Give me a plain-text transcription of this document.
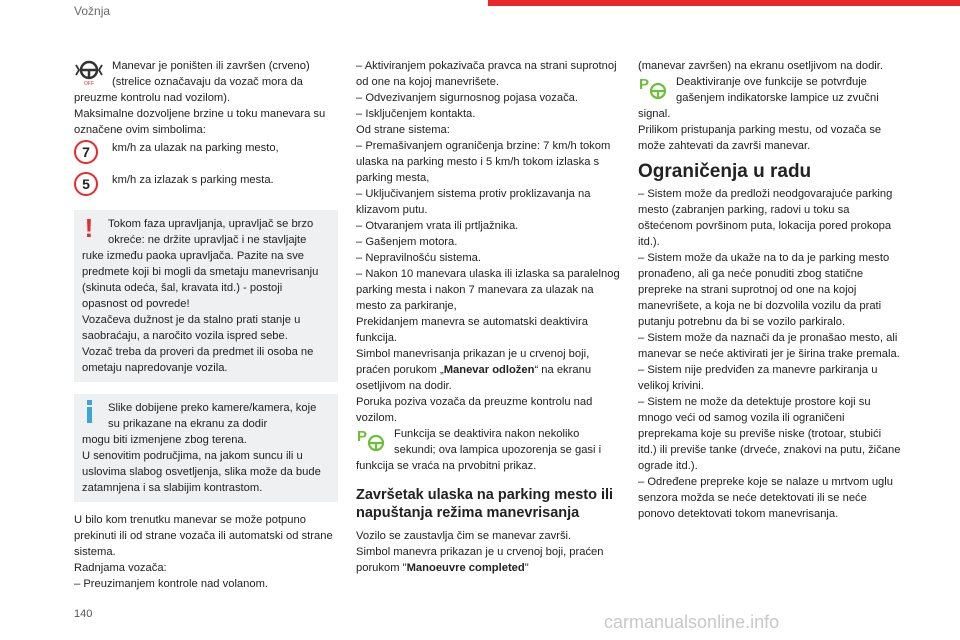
Vožnja
OFF
Manevar je poništen ili završen (crveno) (strelice označavaju da vozač mora da

preuzme kontrolu nad vozilom).
Maksimalne dozvoljene brzine u toku manevara su označene ovim simbolima:

7	km/h za ulazak na parking mesto,
5	km/h za izlazak s parking mesta.
!	Tokom faza upravljanja, upravljač se brzo okreće: ne držite upravljač i ne stavljajte

ruke između paoka upravljača. Pazite na sve predmete koji bi mogli da smetaju manevrisanju (skinuta odeća, šal, kravata itd.) - postoji opasnost od povrede!
Vozačeva dužnost je da stalno prati stanje u saobraćaju, a naročito vozila ispred sebe.
Vozač treba da proveri da predmet ili osoba ne ometaju napredovanje vozila.

Slike dobijene preko kamere/kamera, koje su prikazane na ekranu za dodir

mogu biti izmenjene zbog terena.
U senovitim područjima, na jakom suncu ili u uslovima slabog osvetljenja, slika može da bude zatamnjena i sa slabijim kontrastom.

U bilo kom trenutku manevar se može potpuno prekinuti ili od strane vozača ili automatski od strane sistema.
Radnjama vozača:
– Preuzimanjem kontrole nad volanom.

– Aktiviranjem pokazivača pravca na strani suprotnoj od one na kojoj manevrišete.
– Odvezivanjem sigurnosnog pojasa vozača.
– Isključenjem kontakta.
Od strane sistema:
– Premašivanjem ograničenja brzine: 7 km/h tokom ulaska na parking mesto i 5 km/h tokom izlaska s parking mesta,
– Uključivanjem sistema protiv proklizavanja na klizavom putu.
– Otvaranjem vrata ili prtljažnika.
– Gašenjem motora.
– Nepravilnošću sistema.
– Nakon 10 manevara ulaska ili izlaska sa paralelnog parking mesta i nakon 7 manevara za ulazak na mesto za parkiranje,
Prekidanjem manevra se automatski deaktivira funkcija.

Simbol manevrisanja prikazan je u crvenoj boji, praćen porukom „Manevar odložen“ na ekranu osetljivom na dodir.
Poruka poziva vozača da preuzme kontrolu nad vozilom.

P	Funkcija se deaktivira nakon nekoliko sekundi; ova lampica upozorenja se gasi i

funkcija se vraća na prvobitni prikaz.

Završetak ulaska na parking mesto ili napuštanja režima manevrisanja

Vozilo se zaustavlja čim se manevar završi.
Simbol manevra prikazan je u crvenoj boji, praćen porukom "Manoeuvre completed"

(manevar završen) na ekranu osetljivom na dodir.

P	Deaktiviranje ove funkcije se potvrđuje gašenjem indikatorske lampice uz zvučni

signal.
Prilikom pristupanja parking mestu, od vozača se može zahtevati da završi manevar.

Ograničenja u radu

– Sistem može da predloži neodgovarajuće parking mesto (zabranjen parking, radovi u toku sa oštećenom površinom puta, lokacija pored prokopa itd.).
– Sistem može da ukaže na to da je parking mesto pronađeno, ali ga neće ponuditi zbog statične prepreke na strani suprotnoj od one na kojoj manevrišete, a koja ne bi dozvolila vozilu da prati putanju potrebnu da bi se vozilo parkiralo.
– Sistem može da naznači da je pronašao mesto, ali manevar se neće aktivirati jer je širina trake premala.
– Sistem nije predviđen za manevre parkiranja u velikoj krivini.
– Sistem ne može da detektuje prostore koji su mnogo veći od samog vozila ili ograničeni preprekama koje su previše niske (trotoar, stubići itd.) ili previše tanke (drveće, znakovi na putu, žičane ograde itd.).
– Određene prepreke koje se nalaze u mrtvom uglu senzora možda se neće detektovati ili se neće ponovo detektovati tokom manevrisanja.

140	carmanualsonline.info
